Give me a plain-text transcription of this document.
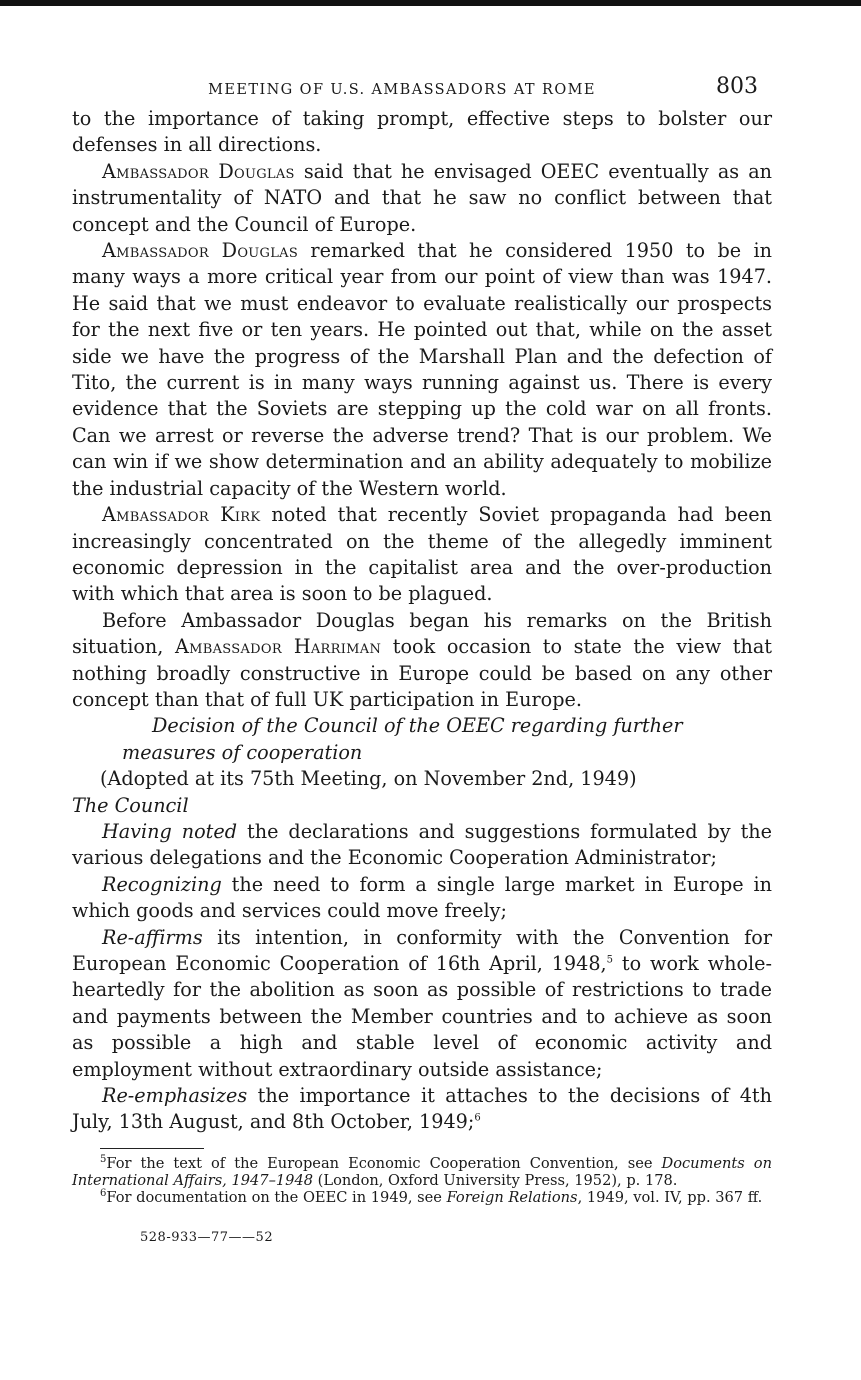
MEETING OF U.S. AMBASSADORS AT ROME	803

to the importance of taking prompt, effective steps to bolster our defenses in all directions.

Ambassador Douglas said that he envisaged OEEC eventually as an instrumentality of NATO and that he saw no conflict between that concept and the Council of Europe.

Ambassador Douglas remarked that he considered 1950 to be in many ways a more critical year from our point of view than was 1947. He said that we must endeavor to evaluate realistically our prospects for the next five or ten years. He pointed out that, while on the asset side we have the progress of the Marshall Plan and the defection of Tito, the current is in many ways running against us. There is every evidence that the Soviets are stepping up the cold war on all fronts. Can we arrest or reverse the adverse trend? That is our problem. We can win if we show determination and an ability adequately to mobilize the industrial capacity of the Western world.

Ambassador Kirk noted that recently Soviet propaganda had been increasingly concentrated on the theme of the allegedly imminent economic depression in the capitalist area and the over-production with which that area is soon to be plagued.

Before Ambassador Douglas began his remarks on the British situation, Ambassador Harriman took occasion to state the view that nothing broadly constructive in Europe could be based on any other concept than that of full UK participation in Europe.

Decision of the Council of the OEEC regarding further measures of cooperation

(Adopted at its 75th Meeting, on November 2nd, 1949)

The Council

Having noted the declarations and suggestions formulated by the various delegations and the Economic Cooperation Administrator;

Recognizing the need to form a single large market in Europe in which goods and services could move freely;

Re-affirms its intention, in conformity with the Convention for European Economic Cooperation of 16th April, 1948,$^5$ to work whole-heartedly for the abolition as soon as possible of restrictions to trade and payments between the Member countries and to achieve as soon as possible a high and stable level of economic activity and employment without extraordinary outside assistance;

Re-emphasizes the importance it attaches to the decisions of 4th July, 13th August, and 8th October, 1949;$^6$

$^5$For the text of the European Economic Cooperation Convention, see Documents on International Affairs, 1947–1948 (London, Oxford University Press, 1952), p. 178.

$^6$For documentation on the OEEC in 1949, see Foreign Relations, 1949, vol. IV, pp. 367 ff.

528-933—77——52
